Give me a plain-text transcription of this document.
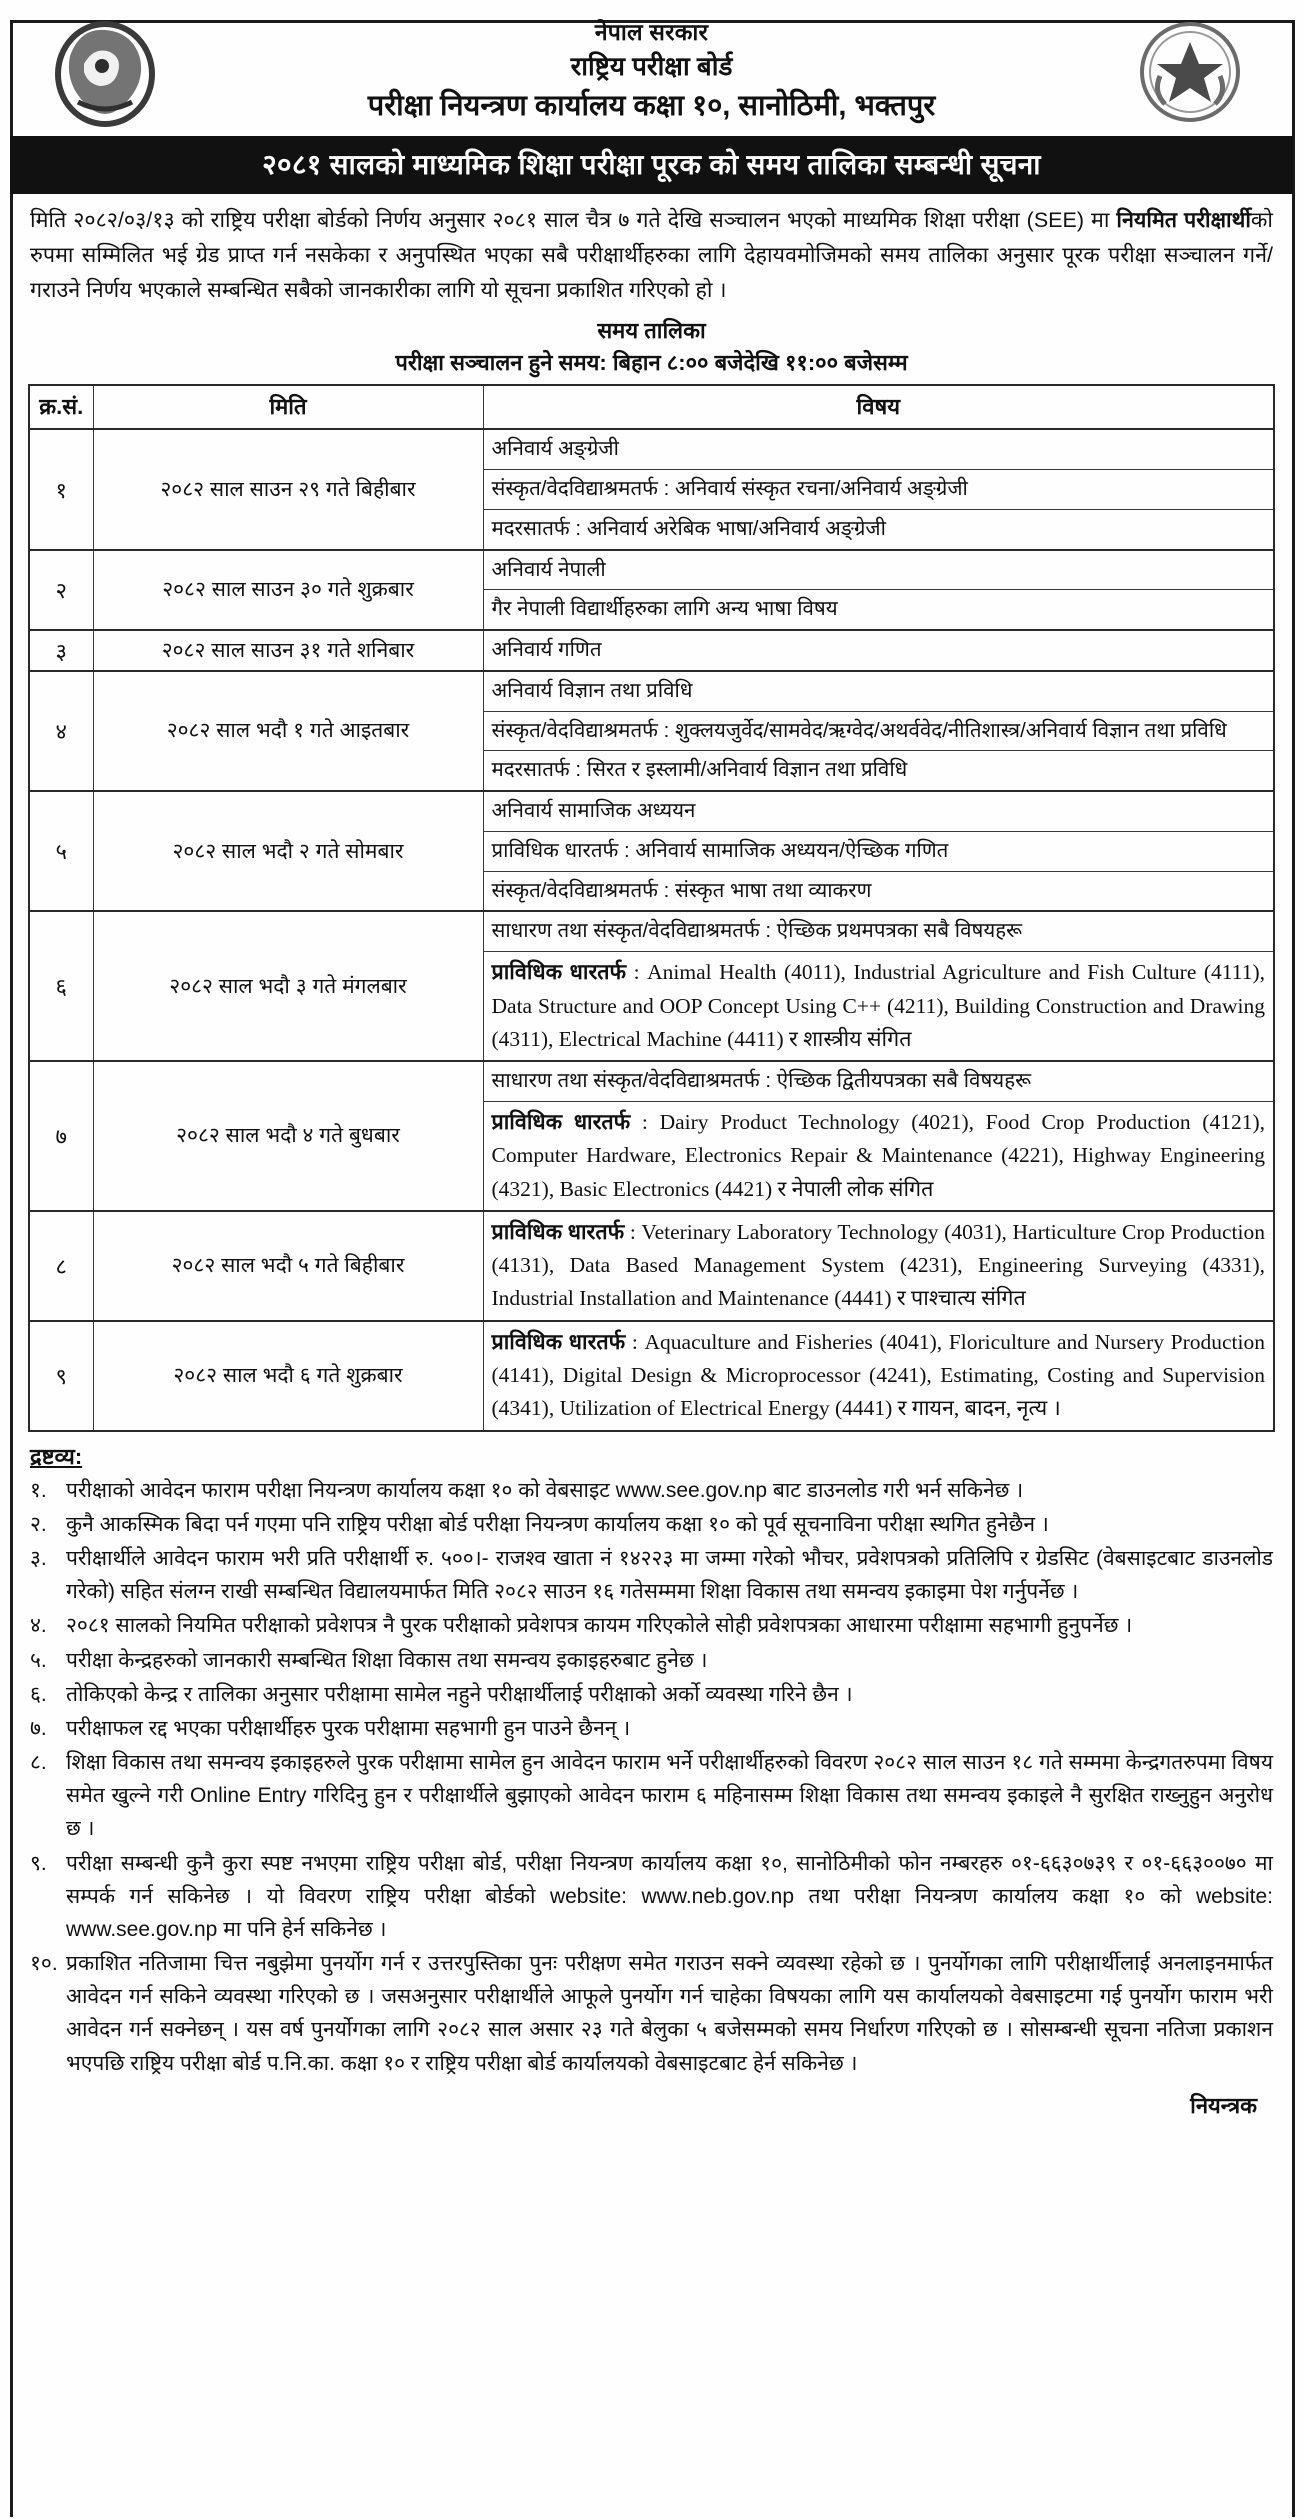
नेपाल सरकार
राष्ट्रिय परीक्षा बोर्ड
परीक्षा नियन्त्रण कार्यालय कक्षा १०, सानोठिमी, भक्तपुर
२०८१ सालको माध्यमिक शिक्षा परीक्षा पूरक को समय तालिका सम्बन्धी सूचना

मिति २०८२/०३/१३ को राष्ट्रिय परीक्षा बोर्डको निर्णय अनुसार २०८१ साल चैत्र ७ गते देखि सञ्चालन भएको माध्यमिक शिक्षा परीक्षा (SEE) मा नियमित परीक्षार्थीको रुपमा सम्मिलित भई ग्रेड प्राप्त गर्न नसकेका र अनुपस्थित भएका सबै परीक्षार्थीहरुका लागि देहायवमोजिमको समय तालिका अनुसार पूरक परीक्षा सञ्चालन गर्ने/गराउने निर्णय भएकाले सम्बन्धित सबैको जानकारीका लागि यो सूचना प्रकाशित गरिएको हो ।

समय तालिका
परीक्षा सञ्चालन हुने समय: बिहान ८:०० बजेदेखि ११:०० बजेसम्म
क्र.सं.	मिति	विषय
१	२०८२ साल साउन २९ गते बिहीबार	अनिवार्य अङ्ग्रेजी
		संस्कृत/वेदविद्याश्रमतर्फ : अनिवार्य संस्कृत रचना/अनिवार्य अङ्ग्रेजी
		मदरसातर्फ : अनिवार्य अरेबिक भाषा/अनिवार्य अङ्ग्रेजी
२	२०८२ साल साउन ३० गते शुक्रबार	अनिवार्य नेपाली
		गैर नेपाली विद्यार्थीहरुका लागि अन्य भाषा विषय
३	२०८२ साल साउन ३१ गते शनिबार	अनिवार्य गणित
४	२०८२ साल भदौ १ गते आइतबार	अनिवार्य विज्ञान तथा प्रविधि
		संस्कृत/वेदविद्याश्रमतर्फ : शुक्लयजुर्वेद/सामवेद/ऋग्वेद/अथर्ववेद/नीतिशास्त्र/अनिवार्य विज्ञान तथा प्रविधि
		मदरसातर्फ : सिरत र इस्लामी/अनिवार्य विज्ञान तथा प्रविधि
५	२०८२ साल भदौ २ गते सोमबार	अनिवार्य सामाजिक अध्ययन
		प्राविधिक धारतर्फ : अनिवार्य सामाजिक अध्ययन/ऐच्छिक गणित
		संस्कृत/वेदविद्याश्रमतर्फ : संस्कृत भाषा तथा व्याकरण
६	२०८२ साल भदौ ३ गते मंगलबार	साधारण तथा संस्कृत/वेदविद्याश्रमतर्फ : ऐच्छिक प्रथमपत्रका सबै विषयहरू
		प्राविधिक धारतर्फ : Animal Health (4011), Industrial Agriculture and Fish Culture (4111), Data Structure and OOP Concept Using C++ (4211), Building Construction and Drawing (4311), Electrical Machine (4411) र शास्त्रीय संगित
७	२०८२ साल भदौ ४ गते बुधबार	साधारण तथा संस्कृत/वेदविद्याश्रमतर्फ : ऐच्छिक द्वितीयपत्रका सबै विषयहरू
		प्राविधिक धारतर्फ : Dairy Product Technology (4021), Food Crop Production (4121), Computer Hardware, Electronics Repair & Maintenance (4221), Highway Engineering (4321), Basic Electronics (4421) र नेपाली लोक संगित
८	२०८२ साल भदौ ५ गते बिहीबार	प्राविधिक धारतर्फ : Veterinary Laboratory Technology (4031), Harticulture Crop Production (4131), Data Based Management System (4231), Engineering Surveying (4331), Industrial Installation and Maintenance (4441) र पाश्चात्य संगित
९	२०८२ साल भदौ ६ गते शुक्रबार	प्राविधिक धारतर्फ : Aquaculture and Fisheries (4041), Floriculture and Nursery Production (4141), Digital Design & Microprocessor (4241), Estimating, Costing and Supervision (4341), Utilization of Electrical Energy (4441) र गायन, बादन, नृत्य ।
द्रष्टव्य:
१. परीक्षाको आवेदन फाराम परीक्षा नियन्त्रण कार्यालय कक्षा १० को वेबसाइट www.see.gov.np बाट डाउनलोड गरी भर्न सकिनेछ ।
२. कुनै आकस्मिक बिदा पर्न गएमा पनि राष्ट्रिय परीक्षा बोर्ड परीक्षा नियन्त्रण कार्यालय कक्षा १० को पूर्व सूचनाविना परीक्षा स्थगित हुनेछैन ।
३. परीक्षार्थीले आवेदन फाराम भरी प्रति परीक्षार्थी रु. ५००।- राजश्व खाता नं १४२२३ मा जम्मा गरेको भौचर, प्रवेशपत्रको प्रतिलिपि र ग्रेडसिट (वेबसाइटबाट डाउनलोड गरेको) सहित संलग्न राखी सम्बन्धित विद्यालयमार्फत मिति २०८२ साउन १६ गतेसम्ममा शिक्षा विकास तथा समन्वय इकाइमा पेश गर्नुपर्नेछ ।
४. २०८१ सालको नियमित परीक्षाको प्रवेशपत्र नै पुरक परीक्षाको प्रवेशपत्र कायम गरिएकोले सोही प्रवेशपत्रका आधारमा परीक्षामा सहभागी हुनुपर्नेछ ।
५. परीक्षा केन्द्रहरुको जानकारी सम्बन्धित शिक्षा विकास तथा समन्वय इकाइहरुबाट हुनेछ ।
६. तोकिएको केन्द्र र तालिका अनुसार परीक्षामा सामेल नहुने परीक्षार्थीलाई परीक्षाको अर्को व्यवस्था गरिने छैन ।
७. परीक्षाफल रद्द भएका परीक्षार्थीहरु पुरक परीक्षामा सहभागी हुन पाउने छैनन् ।
८. शिक्षा विकास तथा समन्वय इकाइहरुले पुरक परीक्षामा सामेल हुन आवेदन फाराम भर्ने परीक्षार्थीहरुको विवरण २०८२ साल साउन १८ गते सम्ममा केन्द्रगतरुपमा विषय समेत खुल्ने गरी Online Entry गरिदिनु हुन र परीक्षार्थीले बुझाएको आवेदन फाराम ६ महिनासम्म शिक्षा विकास तथा समन्वय इकाइले नै सुरक्षित राख्नुहुन अनुरोध छ ।
९. परीक्षा सम्बन्धी कुनै कुरा स्पष्ट नभएमा राष्ट्रिय परीक्षा बोर्ड, परीक्षा नियन्त्रण कार्यालय कक्षा १०, सानोठिमीको फोन नम्बरहरु ०१-६६३०७३९ र ०१-६६३००७० मा सम्पर्क गर्न सकिनेछ । यो विवरण राष्ट्रिय परीक्षा बोर्डको website: www.neb.gov.np तथा परीक्षा नियन्त्रण कार्यालय कक्षा १० को website: www.see.gov.np मा पनि हेर्न सकिनेछ ।
१०. प्रकाशित नतिजामा चित्त नबुझेमा पुनर्योग गर्न र उत्तरपुस्तिका पुनः परीक्षण समेत गराउन सक्ने व्यवस्था रहेको छ । पुनर्योगका लागि परीक्षार्थीलाई अनलाइनमार्फत आवेदन गर्न सकिने व्यवस्था गरिएको छ । जसअनुसार परीक्षार्थीले आफूले पुनर्योग गर्न चाहेका विषयका लागि यस कार्यालयको वेबसाइटमा गई पुनर्योग फाराम भरी आवेदन गर्न सक्नेछन् । यस वर्ष पुनर्योगका लागि २०८२ साल असार २३ गते बेलुका ५ बजेसम्मको समय निर्धारण गरिएको छ । सोसम्बन्धी सूचना नतिजा प्रकाशन भएपछि राष्ट्रिय परीक्षा बोर्ड प.नि.का. कक्षा १० र राष्ट्रिय परीक्षा बोर्ड कार्यालयको वेबसाइटबाट हेर्न सकिनेछ ।
नियन्त्रक
